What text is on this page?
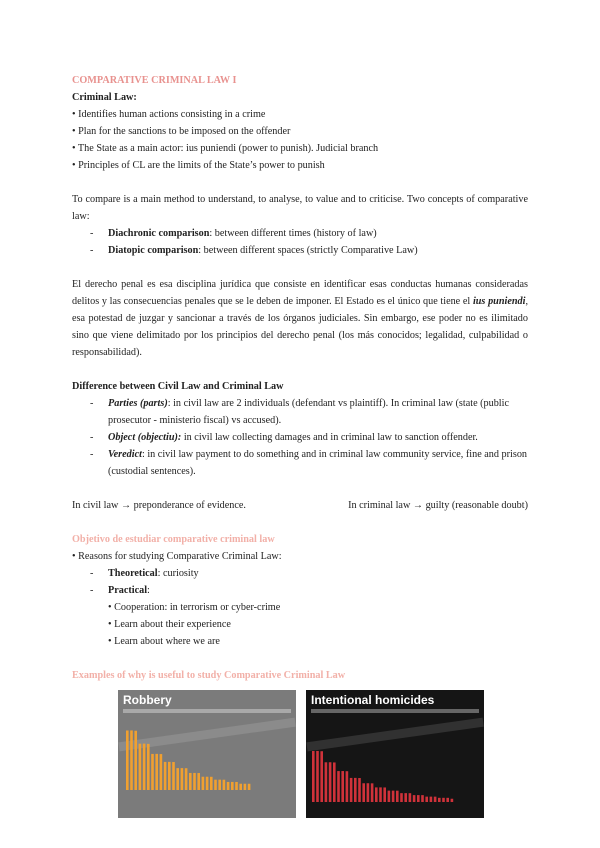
COMPARATIVE CRIMINAL LAW I

Criminal Law:

• Identifies human actions consisting in a crime

• Plan for the sanctions to be imposed on the offender

• The State as a main actor: ius puniendi (power to punish). Judicial branch

• Principles of CL are the limits of the State’s power to punish

To compare is a main method to understand, to analyse, to value and to criticise. Two concepts of comparative law:

- Diachronic comparison: between different times (history of law)

- Diatopic comparison: between different spaces (strictly Comparative Law)

El derecho penal es esa disciplina jurídica que consiste en identificar esas conductas humanas consideradas delitos y las consecuencias penales que se le deben de imponer. El Estado es el único que tiene el ius puniendi, esa potestad de juzgar y sancionar a través de los órganos judiciales. Sin embargo, ese poder no es ilimitado sino que viene delimitado por los principios del derecho penal (los más conocidos; legalidad, culpabilidad o responsabilidad).

Difference between Civil Law and Criminal Law

- Parties (parts): in civil law are 2 individuals (defendant vs plaintiff). In criminal law (state (public prosecutor - ministerio fiscal) vs accused).

- Object (objectiu): in civil law collecting damages and in criminal law to sanction offender.

- Veredict: in civil law payment to do something and in criminal law community service, fine and prison (custodial sentences).

In civil law → preponderance of evidence.	In criminal law → guilty (reasonable doubt)

Objetivo de estudiar comparative criminal law

• Reasons for studying Comparative Criminal Law:

- Theoretical: curiosity

- Practical:

• Cooperation: in terrorism or cyber-crime

• Learn about their experience

• Learn about where we are

Examples of why is useful to study Comparative Criminal Law

Robbery	Intentional homicides
